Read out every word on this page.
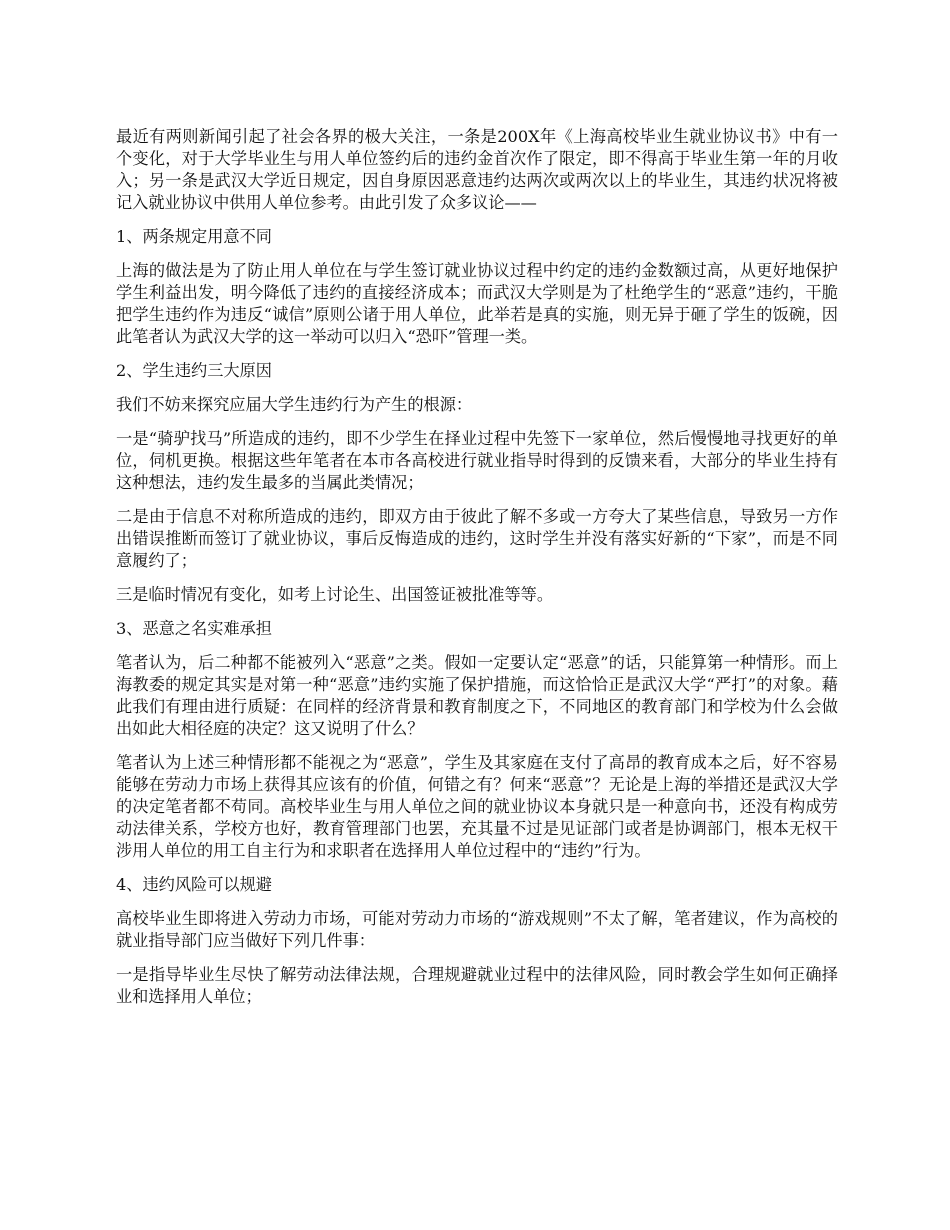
最近有两则新闻引起了社会各界的极大关注，一条是200X年《上海高校毕业生就业协议书》中有一个变化，对于大学毕业生与用人单位签约后的违约金首次作了限定，即不得高于毕业生第一年的月收入；另一条是武汉大学近日规定，因自身原因恶意违约达两次或两次以上的毕业生，其违约状况将被记入就业协议中供用人单位参考。由此引发了众多议论——

1、两条规定用意不同

上海的做法是为了防止用人单位在与学生签订就业协议过程中约定的违约金数额过高，从更好地保护学生利益出发，明今降低了违约的直接经济成本；而武汉大学则是为了杜绝学生的“恶意”违约，干脆把学生违约作为违反“诚信”原则公诸于用人单位，此举若是真的实施，则无异于砸了学生的饭碗，因此笔者认为武汉大学的这一举动可以归入“恐吓”管理一类。

2、学生违约三大原因

我们不妨来探究应届大学生违约行为产生的根源：

一是“骑驴找马”所造成的违约，即不少学生在择业过程中先签下一家单位，然后慢慢地寻找更好的单位，伺机更换。根据这些年笔者在本市各高校进行就业指导时得到的反馈来看，大部分的毕业生持有这种想法，违约发生最多的当属此类情况；

二是由于信息不对称所造成的违约，即双方由于彼此了解不多或一方夸大了某些信息，导致另一方作出错误推断而签订了就业协议，事后反悔造成的违约，这时学生并没有落实好新的“下家”，而是不同意履约了；

三是临时情况有变化，如考上讨论生、出国签证被批准等等。

3、恶意之名实难承担

笔者认为，后二种都不能被列入“恶意”之类。假如一定要认定“恶意”的话，只能算第一种情形。而上海教委的规定其实是对第一种“恶意”违约实施了保护措施，而这恰恰正是武汉大学“严打”的对象。藉此我们有理由进行质疑：在同样的经济背景和教育制度之下，不同地区的教育部门和学校为什么会做出如此大相径庭的决定？这又说明了什么？

笔者认为上述三种情形都不能视之为“恶意”，学生及其家庭在支付了高昂的教育成本之后，好不容易能够在劳动力市场上获得其应该有的价值，何错之有？何来“恶意”？无论是上海的举措还是武汉大学的决定笔者都不苟同。高校毕业生与用人单位之间的就业协议本身就只是一种意向书，还没有构成劳动法律关系，学校方也好，教育管理部门也罢，充其量不过是见证部门或者是协调部门，根本无权干涉用人单位的用工自主行为和求职者在选择用人单位过程中的“违约”行为。

4、违约风险可以规避

高校毕业生即将进入劳动力市场，可能对劳动力市场的“游戏规则”不太了解，笔者建议，作为高校的就业指导部门应当做好下列几件事：

一是指导毕业生尽快了解劳动法律法规，合理规避就业过程中的法律风险，同时教会学生如何正确择业和选择用人单位；
